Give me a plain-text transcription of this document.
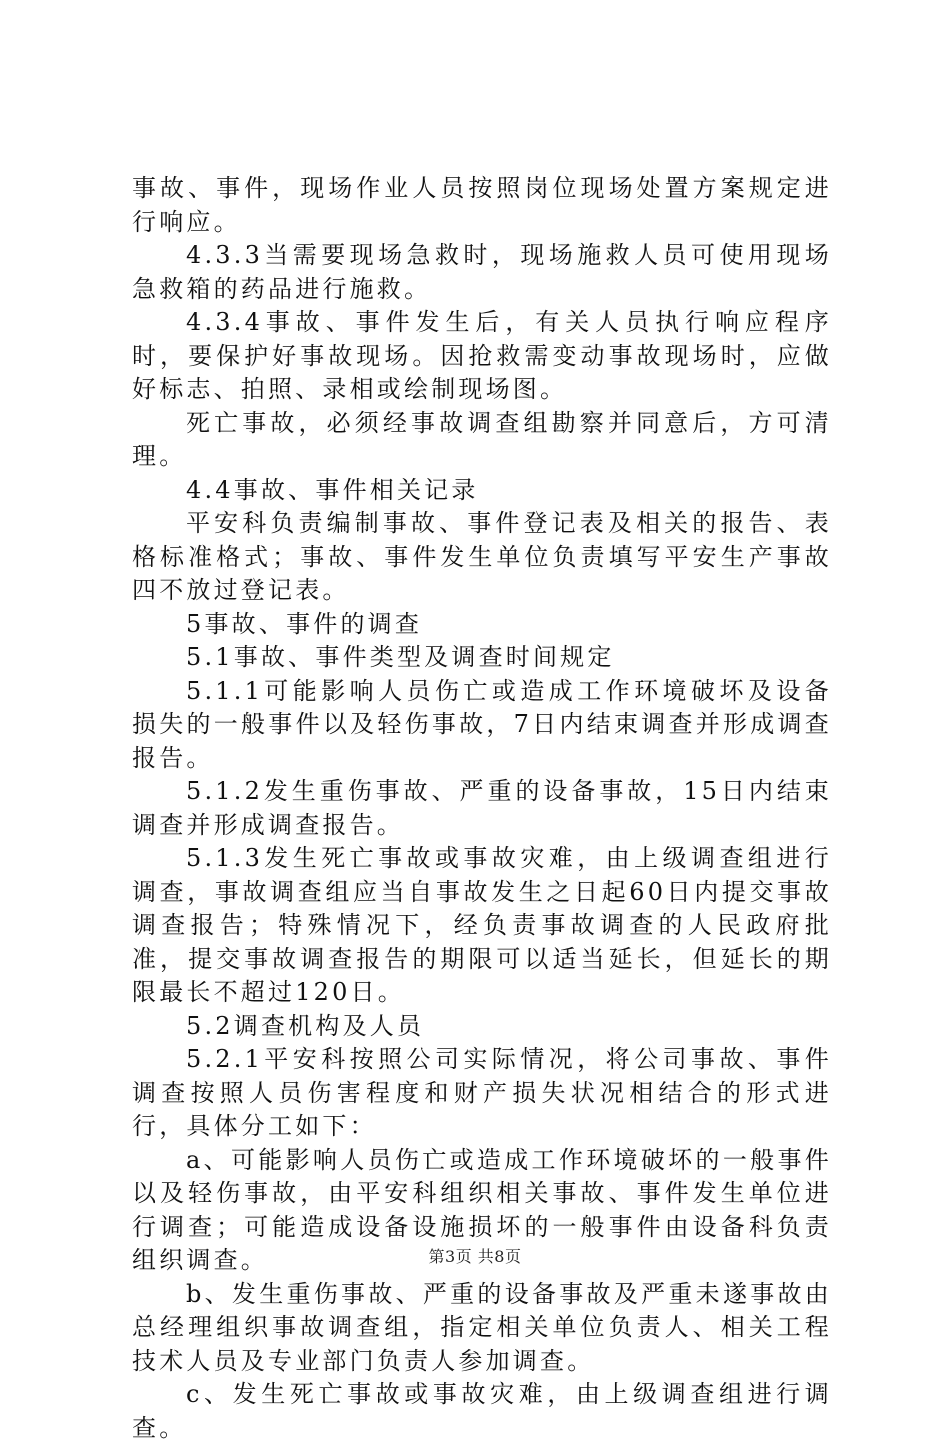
事故、事件，现场作业人员按照岗位现场处置方案规定进行响应。

4.3.3当需要现场急救时，现场施救人员可使用现场急救箱的药品进行施救。

4.3.4事故、事件发生后，有关人员执行响应程序时，要保护好事故现场。因抢救需变动事故现场时，应做好标志、拍照、录相或绘制现场图。

死亡事故，必须经事故调查组勘察并同意后，方可清理。

4.4事故、事件相关记录

平安科负责编制事故、事件登记表及相关的报告、表格标准格式；事故、事件发生单位负责填写平安生产事故四不放过登记表。

5事故、事件的调查

5.1事故、事件类型及调查时间规定

5.1.1可能影响人员伤亡或造成工作环境破坏及设备损失的一般事件以及轻伤事故，7日内结束调查并形成调查报告。

5.1.2发生重伤事故、严重的设备事故，15日内结束调查并形成调查报告。

5.1.3发生死亡事故或事故灾难，由上级调查组进行调查，事故调查组应当自事故发生之日起60日内提交事故调查报告；特殊情况下，经负责事故调查的人民政府批准，提交事故调查报告的期限可以适当延长，但延长的期限最长不超过120日。

5.2调查机构及人员

5.2.1平安科按照公司实际情况，将公司事故、事件调查按照人员伤害程度和财产损失状况相结合的形式进行，具体分工如下：

a、可能影响人员伤亡或造成工作环境破坏的一般事件以及轻伤事故，由平安科组织相关事故、事件发生单位进行调查；可能造成设备设施损坏的一般事件由设备科负责组织调查。

b、发生重伤事故、严重的设备事故及严重未遂事故由总经理组织事故调查组，指定相关单位负责人、相关工程技术人员及专业部门负责人参加调查。

c、发生死亡事故或事故灾难，由上级调查组进行调查。

第3页 共8页
